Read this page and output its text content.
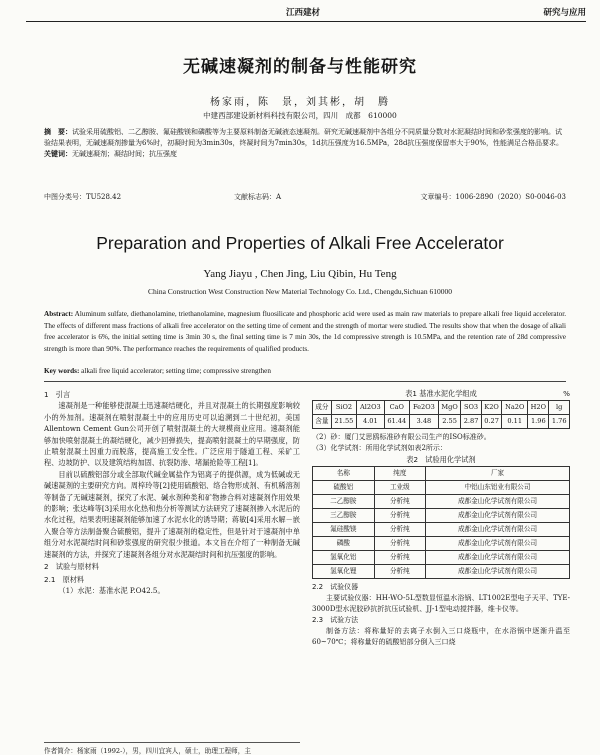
江西建材	研究与应用
无碱速凝剂的制备与性能研究
杨家雨，陈　景，刘其彬，胡　腾
中建西部建设新材料科技有限公司，四川　成都　610000
摘　要：试验采用硫酸铝、二乙醇胺、氟硅酸镁和磷酸等为主要原料制备无碱液态速凝剂。研究无碱速凝剂中各组分不同质量分数对水泥凝结时间和砂浆强度的影响。试验结果表明，无碱速凝剂掺量为6%时，初凝时间为3min30s，终凝时间为7min30s，1d抗压强度为16.5MPa，28d抗压强度保留率大于90%，性能满足合格品要求。
关键词：无碱速凝剂；凝结时间；抗压强度
中图分类号：TU528.42	文献标志码：A	文章编号：1006-2890（2020）S0-0046-03
Preparation and Properties of Alkali Free Accelerator
Yang Jiayu , Chen Jing, Liu Qibin, Hu Teng
China Construction West Construction New Material Technology Co. Ltd., Chengdu,Sichuan 610000
Abstract: Aluminum sulfate, diethanolamine, triethanolamine, magnesium fluosilicate and phosphoric acid were used as main raw materials to prepare alkali free liquid accelerator. The effects of different mass fractions of alkali free accelerator on the setting time of cement and the strength of mortar were studied. The results show that when the dosage of alkali free accelerator is 6%, the initial setting time is 3min 30 s, the final setting time is 7 min 30s, the 1d compressive strength is 10.5MPa, and the retention rate of 28d compressive strength is more than 90%. The performance reaches the requirements of qualified products.
Key words: alkali free liquid accelerator; setting time; compressive strengthen

1　引言

速凝剂是一种能够使混凝土迅速凝结硬化，并且对混凝土的长期强度影响较小的外加剂。速凝剂在喷射混凝土中的应用历史可以追溯到二十世纪初，美国Allentown Cement Gun公司开创了喷射混凝土的大规模商业应用。速凝剂能够加快喷射混凝土的凝结硬化，减少回弹损失，提高喷射混凝土的早期强度，防止喷射混凝土因重力而脱落，提高施工安全性。广泛应用于隧道工程、采矿工程、边坡防护、以及建筑结构加固、抗裂防渗、堵漏抢险等工程[1]。

目前以硫酸铝部分或全部取代碱金属盐作为铝离子的提供源，成为低碱或无碱速凝剂的主要研究方向。周梓玲等[2]使用硫酸铝、络合物形成剂、有机稀溶剂等制备了无碱速凝剂，探究了水泥、碱水剂种类和矿物掺合料对速凝剂作用效果的影响；张达峰等[3]采用水化热和热分析等测试方法研究了速凝剂掺入水泥后的水化过程，结果表明速凝剂能够加速了水泥水化的诱导期；蒋敏[4]采用水解－嵌入聚合等方法制备聚合硫酸铝，提升了速凝剂的稳定性，但是针对于速凝剂中单组分对水泥凝结时间和砂浆强度的研究很少报道。本文旨在介绍了一种制备无碱速凝剂的方法，并探究了速凝剂各组分对水泥凝结时间和抗压强度的影响。

2　试验与原材料

2.1　原材料

（1）水泥：基准水泥 P.O42.5。

表1 基准水泥化学组成	%
成分	SiO2	Al2O3	CaO	Fe2O3	MgO	SO3	K2O	Na2O	H2O	lg
含量	21.55	4.01	61.44	3.48	2.55	2.87	0.27	0.11	1.96	1.76

（2）砂：厦门艾思鸥标准砂有限公司生产的ISO标准砂。

（3）化学试剂：所用化学试剂如表2所示：

表2　试验用化学试剂
名称	纯度	厂家
硫酸铝	工业级	中铝山东铝业有限公司
二乙醇胺	分析纯	成都金山化学试剂有限公司
三乙醇胺	分析纯	成都金山化学试剂有限公司
氟硅酸镁	分析纯	成都金山化学试剂有限公司
磷酸	分析纯	成都金山化学试剂有限公司
氢氧化铝	分析纯	成都金山化学试剂有限公司
氢氧化锂	分析纯	成都金山化学试剂有限公司

2.2　试验仪器

主要试验仪器：HH-WO-5L型数显恒温水浴锅、LT1002E型电子天平、TYE-3000D型水泥胶砂抗折抗压试验机、JJ-1型电动搅拌器，维卡仪等。

2.3　试验方法

制备方法：将称量好的去离子水倒入三口烧瓶中，在水浴锅中逐渐升温至60~70℃；将称量好的硫酸铝部分倒入三口烧

作者简介：杨家雨（1992-），男，四川宜宾人，硕士，助理工程师，主
